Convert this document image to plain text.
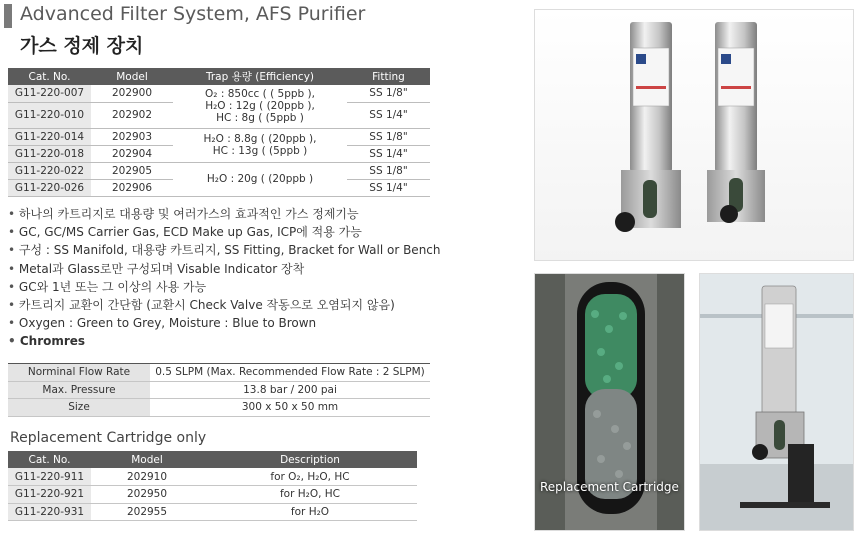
Advanced Filter System, AFS Purifier
가스 정제 장치
Cat. No.	Model	Trap 용량 (Efficiency)	Fitting
G11-220-007	202900	O₂ : 850cc ( ( 5ppb ),
H₂O : 12g ( (20ppb ),
HC : 8g ( (5ppb )	SS 1/8"
G11-220-010	202902		SS 1/4"
G11-220-014	202903	H₂O : 8.8g ( (20ppb ),
HC : 13g ( (5ppb )	SS 1/8"
G11-220-018	202904		SS 1/4"
G11-220-022	202905	H₂O : 20g ( (20ppb )	SS 1/8"
G11-220-026	202906		SS 1/4"
• 하나의 카트리지로 대용량 및 여러가스의 효과적인 가스 정제기능
• GC, GC/MS Carrier Gas, ECD Make up Gas, ICP에 적용 가능
• 구성 : SS Manifold, 대용량 카트리지, SS Fitting, Bracket for Wall or Bench
• Metal과 Glass로만 구성되며 Visable Indicator 장착
• GC와 1년 또는 그 이상의 사용 가능
• 카트리지 교환이 간단함 (교환시 Check Valve 작동으로 오염되지 않음)
• Oxygen : Green to Grey, Moisture : Blue to Brown
• Chromres
Norminal Flow Rate	0.5 SLPM (Max. Recommended Flow Rate : 2 SLPM)
Max. Pressure	13.8 bar / 200 pai
Size	300 x 50 x 50 mm
Replacement Cartridge only
Cat. No.	Model	Description
G11-220-911	202910	for O₂, H₂O, HC
G11-220-921	202950	for H₂O, HC
G11-220-931	202955	for H₂O
Replacement Cartridge
